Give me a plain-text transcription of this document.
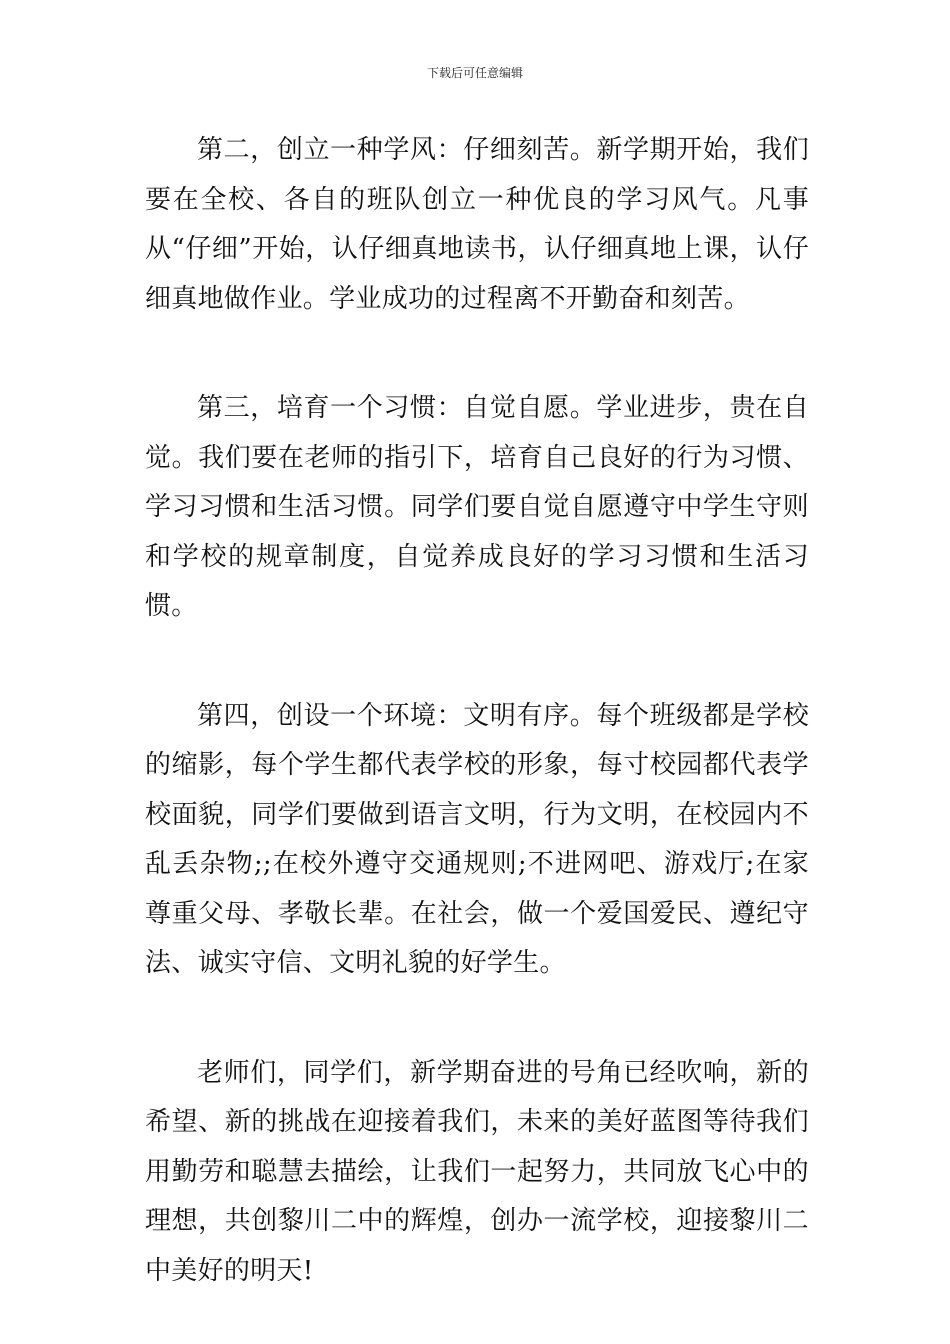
下载后可任意编辑

第二，创立一种学风：仔细刻苦。新学期开始，我们要在全校、各自的班队创立一种优良的学习风气。凡事从“仔细”开始，认仔细真地读书，认仔细真地上课，认仔细真地做作业。学业成功的过程离不开勤奋和刻苦。

第三，培育一个习惯：自觉自愿。学业进步，贵在自觉。我们要在老师的指引下，培育自己良好的行为习惯、学习习惯和生活习惯。同学们要自觉自愿遵守中学生守则和学校的规章制度，自觉养成良好的学习习惯和生活习惯。

第四，创设一个环境：文明有序。每个班级都是学校的缩影，每个学生都代表学校的形象，每寸校园都代表学校面貌，同学们要做到语言文明，行为文明，在校园内不乱丢杂物;;在校外遵守交通规则;不进网吧、游戏厅;在家尊重父母、孝敬长辈。在社会，做一个爱国爱民、遵纪守法、诚实守信、文明礼貌的好学生。

老师们，同学们，新学期奋进的号角已经吹响，新的希望、新的挑战在迎接着我们，未来的美好蓝图等待我们用勤劳和聪慧去描绘，让我们一起努力，共同放飞心中的理想，共创黎川二中的辉煌，创办一流学校，迎接黎川二中美好的明天!
